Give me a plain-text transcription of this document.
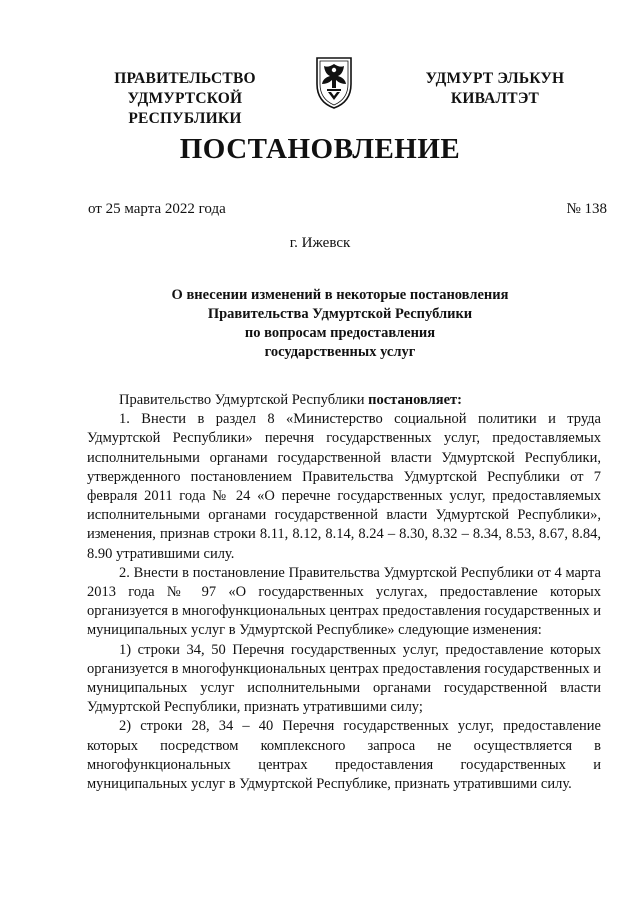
ПРАВИТЕЛЬСТВО
УДМУРТСКОЙ РЕСПУБЛИКИ
УДМУРТ ЭЛЬКУН
КИВАЛТЭТ
ПОСТАНОВЛЕНИЕ
от 25 марта 2022 года	№ 138
г. Ижевск
О внесении изменений в некоторые постановления
Правительства Удмуртской Республики
по вопросам предоставления
государственных услуг

Правительство Удмуртской Республики постановляет:

1. Внести в раздел 8 «Министерство социальной политики и труда Удмуртской Республики» перечня государственных услуг, предоставляемых исполнительными органами государственной власти Удмуртской Республики, утвержденного постановлением Правительства Удмуртской Республики от 7 февраля 2011 года № 24 «О перечне государственных услуг, предоставляемых исполнительными органами государственной власти Удмуртской Республики», изменения, признав строки 8.11, 8.12, 8.14, 8.24 – 8.30, 8.32 – 8.34, 8.53, 8.67, 8.84, 8.90 утратившими силу.

2. Внести в постановление Правительства Удмуртской Республики от 4 марта 2013 года № 97 «О государственных услугах, предоставление которых организуется в многофункциональных центрах предоставления государственных и муниципальных услуг в Удмуртской Республике» следующие изменения:

1) строки 34, 50 Перечня государственных услуг, предоставление которых организуется в многофункциональных центрах предоставления государственных и муниципальных услуг исполнительными органами государственной власти Удмуртской Республики, признать утратившими силу;

2) строки 28, 34 – 40 Перечня государственных услуг, предоставление которых посредством комплексного запроса не осуществляется в многофункциональных центрах предоставления государственных и муниципальных услуг в Удмуртской Республике, признать утратившими силу.
